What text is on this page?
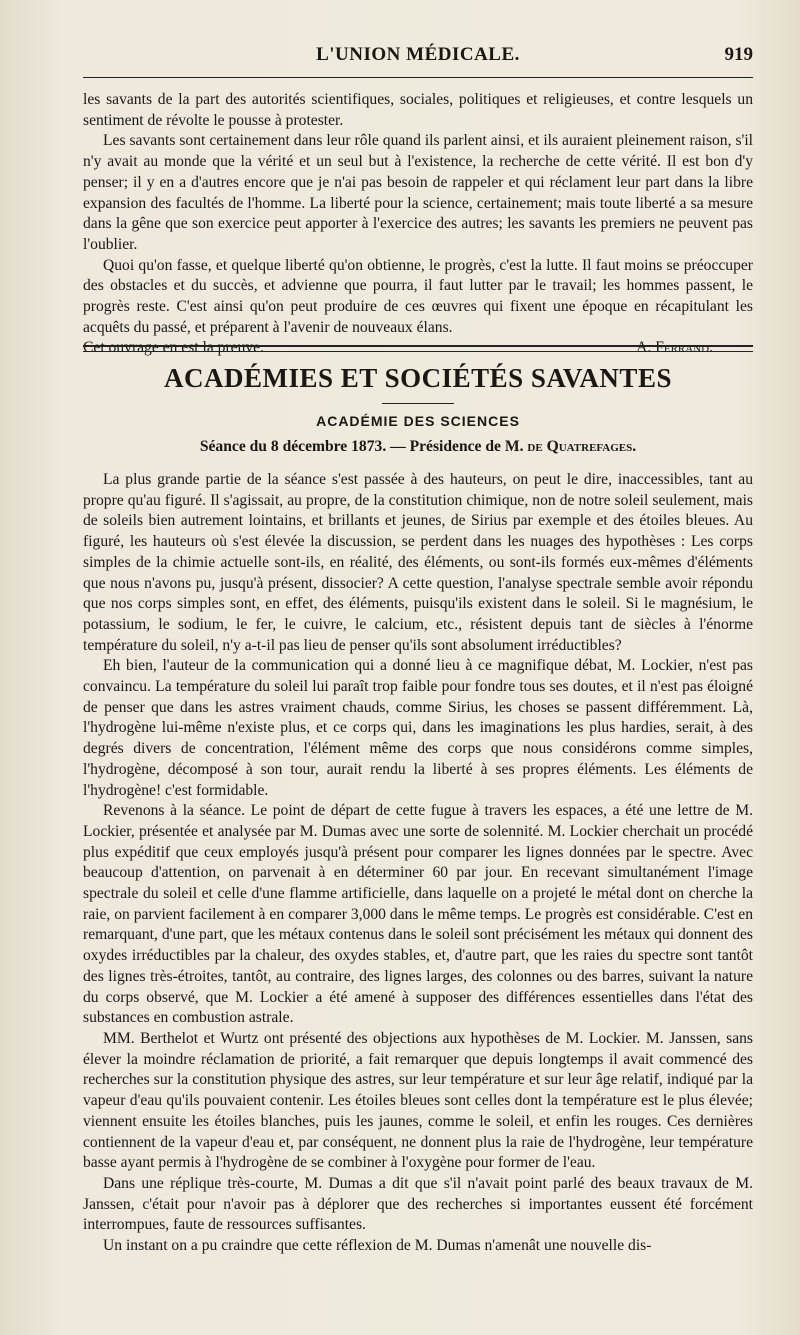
L'UNION MÉDICALE.	919

les savants de la part des autorités scientifiques, sociales, politiques et religieuses, et contre lesquels un sentiment de révolte le pousse à protester.

Les savants sont certainement dans leur rôle quand ils parlent ainsi, et ils auraient pleinement raison, s'il n'y avait au monde que la vérité et un seul but à l'existence, la recherche de cette vérité. Il est bon d'y penser; il y en a d'autres encore que je n'ai pas besoin de rappeler et qui réclament leur part dans la libre expansion des facultés de l'homme. La liberté pour la science, certainement; mais toute liberté a sa mesure dans la gêne que son exercice peut apporter à l'exercice des autres; les savants les premiers ne peuvent pas l'oublier.

Quoi qu'on fasse, et quelque liberté qu'on obtienne, le progrès, c'est la lutte. Il faut moins se préoccuper des obstacles et du succès, et advienne que pourra, il faut lutter par le travail; les hommes passent, le progrès reste. C'est ainsi qu'on peut produire de ces œuvres qui fixent une époque en récapitulant les acquêts du passé, et préparent à l'avenir de nouveaux élans.

Cet ouvrage en est la preuve.	A. Ferrand.
ACADÉMIES ET SOCIÉTÉS SAVANTES
ACADÉMIE DES SCIENCES
Séance du 8 décembre 1873. — Présidence de M. de Quatrefages.

La plus grande partie de la séance s'est passée à des hauteurs, on peut le dire, inaccessibles, tant au propre qu'au figuré. Il s'agissait, au propre, de la constitution chimique, non de notre soleil seulement, mais de soleils bien autrement lointains, et brillants et jeunes, de Sirius par exemple et des étoiles bleues. Au figuré, les hauteurs où s'est élevée la discussion, se perdent dans les nuages des hypothèses : Les corps simples de la chimie actuelle sont-ils, en réalité, des éléments, ou sont-ils formés eux-mêmes d'éléments que nous n'avons pu, jusqu'à présent, dissocier? A cette question, l'analyse spectrale semble avoir répondu que nos corps simples sont, en effet, des éléments, puisqu'ils existent dans le soleil. Si le magnésium, le potassium, le sodium, le fer, le cuivre, le calcium, etc., résistent depuis tant de siècles à l'énorme température du soleil, n'y a-t-il pas lieu de penser qu'ils sont absolument irréductibles?

Eh bien, l'auteur de la communication qui a donné lieu à ce magnifique débat, M. Lockier, n'est pas convaincu. La température du soleil lui paraît trop faible pour fondre tous ses doutes, et il n'est pas éloigné de penser que dans les astres vraiment chauds, comme Sirius, les choses se passent différemment. Là, l'hydrogène lui-même n'existe plus, et ce corps qui, dans les imaginations les plus hardies, serait, à des degrés divers de concentration, l'élément même des corps que nous considérons comme simples, l'hydrogène, décomposé à son tour, aurait rendu la liberté à ses propres éléments. Les éléments de l'hydrogène! c'est formidable.

Revenons à la séance. Le point de départ de cette fugue à travers les espaces, a été une lettre de M. Lockier, présentée et analysée par M. Dumas avec une sorte de solennité. M. Lockier cherchait un procédé plus expéditif que ceux employés jusqu'à présent pour comparer les lignes données par le spectre. Avec beaucoup d'attention, on parvenait à en déterminer 60 par jour. En recevant simultanément l'image spectrale du soleil et celle d'une flamme artificielle, dans laquelle on a projeté le métal dont on cherche la raie, on parvient facilement à en comparer 3,000 dans le même temps. Le progrès est considérable. C'est en remarquant, d'une part, que les métaux contenus dans le soleil sont précisément les métaux qui donnent des oxydes irréductibles par la chaleur, des oxydes stables, et, d'autre part, que les raies du spectre sont tantôt des lignes très-étroites, tantôt, au contraire, des lignes larges, des colonnes ou des barres, suivant la nature du corps observé, que M. Lockier a été amené à supposer des différences essentielles dans l'état des substances en combustion astrale.

MM. Berthelot et Wurtz ont présenté des objections aux hypothèses de M. Lockier. M. Janssen, sans élever la moindre réclamation de priorité, a fait remarquer que depuis longtemps il avait commencé des recherches sur la constitution physique des astres, sur leur température et sur leur âge relatif, indiqué par la vapeur d'eau qu'ils pouvaient contenir. Les étoiles bleues sont celles dont la température est le plus élevée; viennent ensuite les étoiles blanches, puis les jaunes, comme le soleil, et enfin les rouges. Ces dernières contiennent de la vapeur d'eau et, par conséquent, ne donnent plus la raie de l'hydrogène, leur température basse ayant permis à l'hydrogène de se combiner à l'oxygène pour former de l'eau.

Dans une réplique très-courte, M. Dumas a dit que s'il n'avait point parlé des beaux travaux de M. Janssen, c'était pour n'avoir pas à déplorer que des recherches si importantes eussent été forcément interrompues, faute de ressources suffisantes.

Un instant on a pu craindre que cette réflexion de M. Dumas n'amenât une nouvelle dis-
